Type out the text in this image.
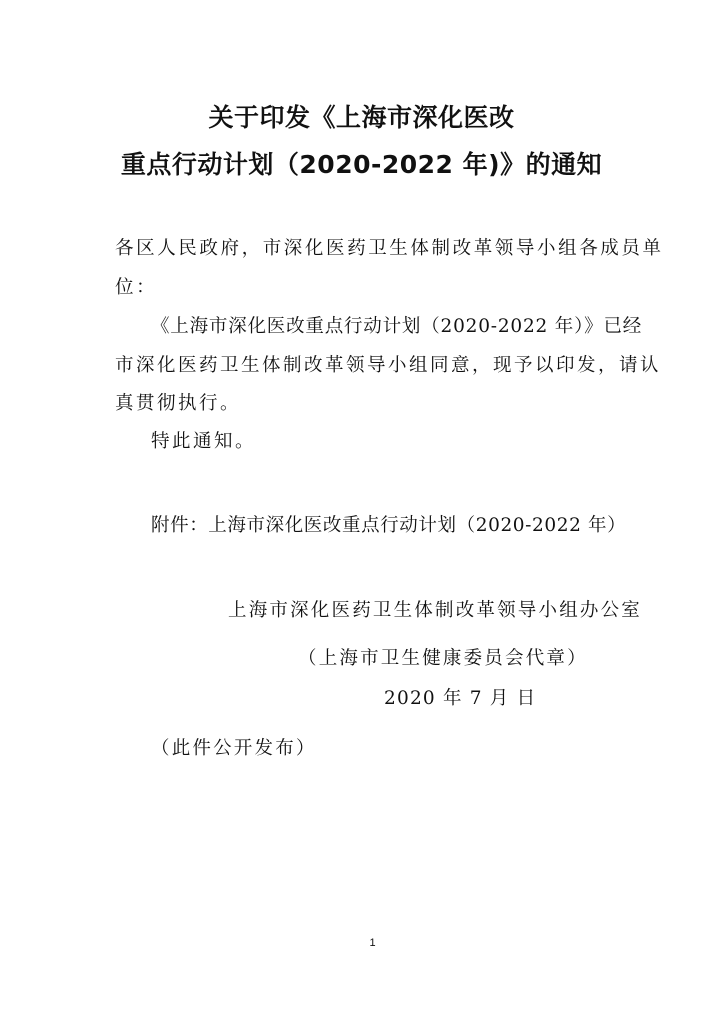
关于印发《上海市深化医改
重点行动计划（2020-2022 年)》的通知
各区人民政府，市深化医药卫生体制改革领导小组各成员单
位：
《上海市深化医改重点行动计划（2020-2022 年）》已经
市深化医药卫生体制改革领导小组同意，现予以印发，请认
真贯彻执行。
特此通知。
附件：上海市深化医改重点行动计划（2020-2022 年）
上海市深化医药卫生体制改革领导小组办公室
（上海市卫生健康委员会代章）
2020 年 7 月 日
（此件公开发布）
1
